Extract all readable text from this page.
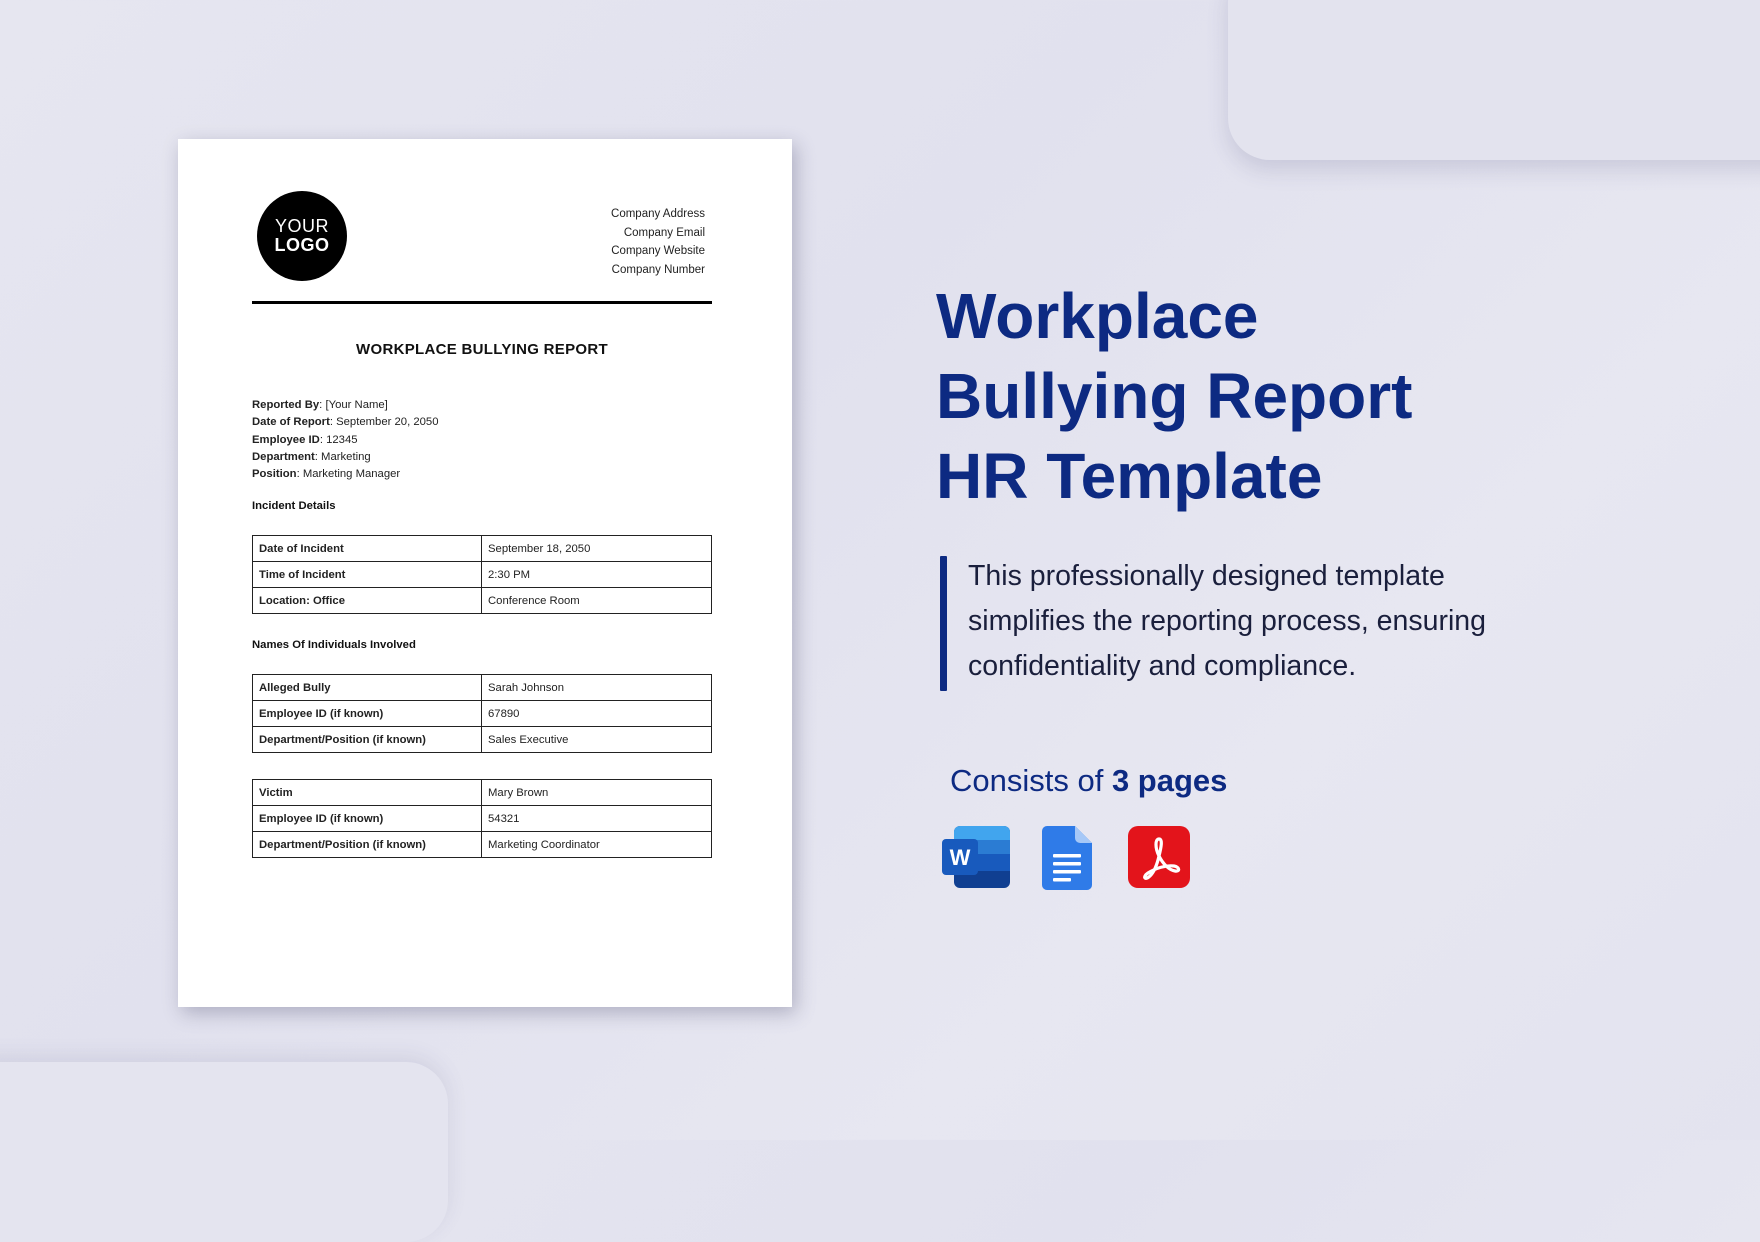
YOUR
LOGO
Company Address
Company Email
Company Website
Company Number
WORKPLACE BULLYING REPORT
Reported By: [Your Name]
Date of Report: September 20, 2050
Employee ID: 12345
Department: Marketing
Position: Marketing Manager
Incident Details
Date of Incident	September 18, 2050
Time of Incident	2:30 PM
Location: Office	Conference Room
Names Of Individuals Involved
Alleged Bully	Sarah Johnson
Employee ID (if known)	67890
Department/Position (if known)	Sales Executive
Victim	Mary Brown
Employee ID (if known)	54321
Department/Position (if known)	Marketing Coordinator
Workplace
Bullying Report
HR Template
This professionally designed template
simplifies the reporting process, ensuring
confidentiality and compliance.
Consists of 3 pages
W
